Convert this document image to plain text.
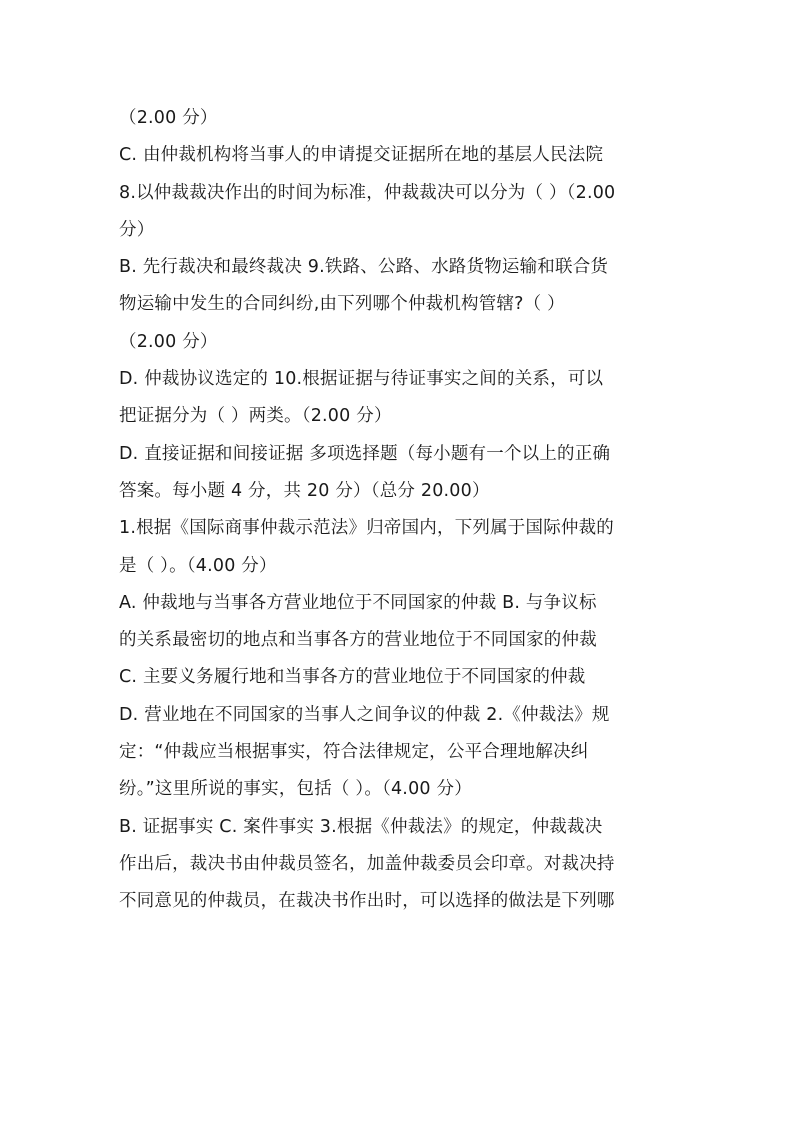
（2.00 分）
C. 由仲裁机构将当事人的申请提交证据所在地的基层人民法院
8.以仲裁裁决作出的时间为标准，仲裁裁决可以分为（ ）（2.00
分）
B. 先行裁决和最终裁决 9.铁路、公路、水路货物运输和联合货
物运输中发生的合同纠纷,由下列哪个仲裁机构管辖?（ ）
（2.00 分）
D. 仲裁协议选定的 10.根据证据与待证事实之间的关系，可以
把证据分为（ ）两类。（2.00 分）
D. 直接证据和间接证据 多项选择题（每小题有一个以上的正确
答案。每小题 4 分，共 20 分）（总分 20.00）
1.根据《国际商事仲裁示范法》归帝国内，下列属于国际仲裁的
是（ ）。（4.00 分）
A. 仲裁地与当事各方营业地位于不同国家的仲裁 B. 与争议标
的关系最密切的地点和当事各方的营业地位于不同国家的仲裁
C. 主要义务履行地和当事各方的营业地位于不同国家的仲裁
D. 营业地在不同国家的当事人之间争议的仲裁 2.《仲裁法》规
定：“仲裁应当根据事实，符合法律规定，公平合理地解决纠
纷。”这里所说的事实，包括（ ）。（4.00 分）
B. 证据事实 C. 案件事实 3.根据《仲裁法》的规定，仲裁裁决
作出后，裁决书由仲裁员签名，加盖仲裁委员会印章。对裁决持
不同意见的仲裁员，在裁决书作出时，可以选择的做法是下列哪
